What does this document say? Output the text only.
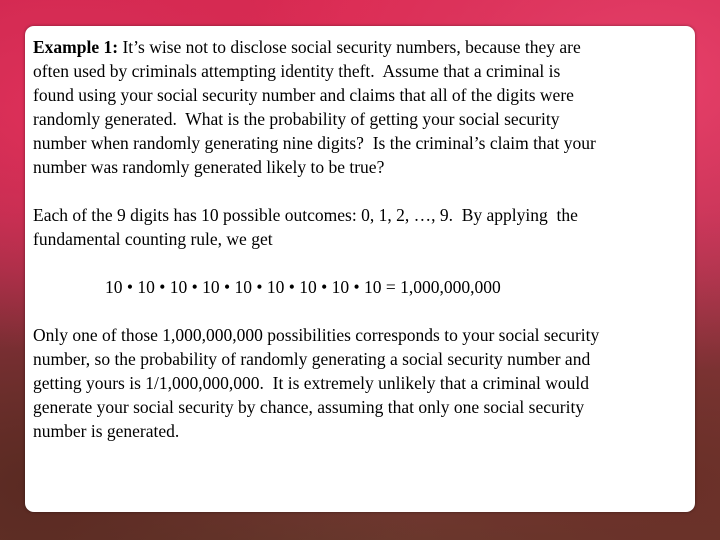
Example 1: It’s wise not to disclose social security numbers, because they are
often used by criminals attempting identity theft.  Assume that a criminal is
found using your social security number and claims that all of the digits were
randomly generated.  What is the probability of getting your social security
number when randomly generating nine digits?  Is the criminal’s claim that your
number was randomly generated likely to be true?
Each of the 9 digits has 10 possible outcomes: 0, 1, 2, …, 9.  By applying  the
fundamental counting rule, we get
10 • 10 • 10 • 10 • 10 • 10 • 10 • 10 • 10 = 1,000,000,000
Only one of those 1,000,000,000 possibilities corresponds to your social security
number, so the probability of randomly generating a social security number and
getting yours is 1/1,000,000,000.  It is extremely unlikely that a criminal would
generate your social security by chance, assuming that only one social security
number is generated.
